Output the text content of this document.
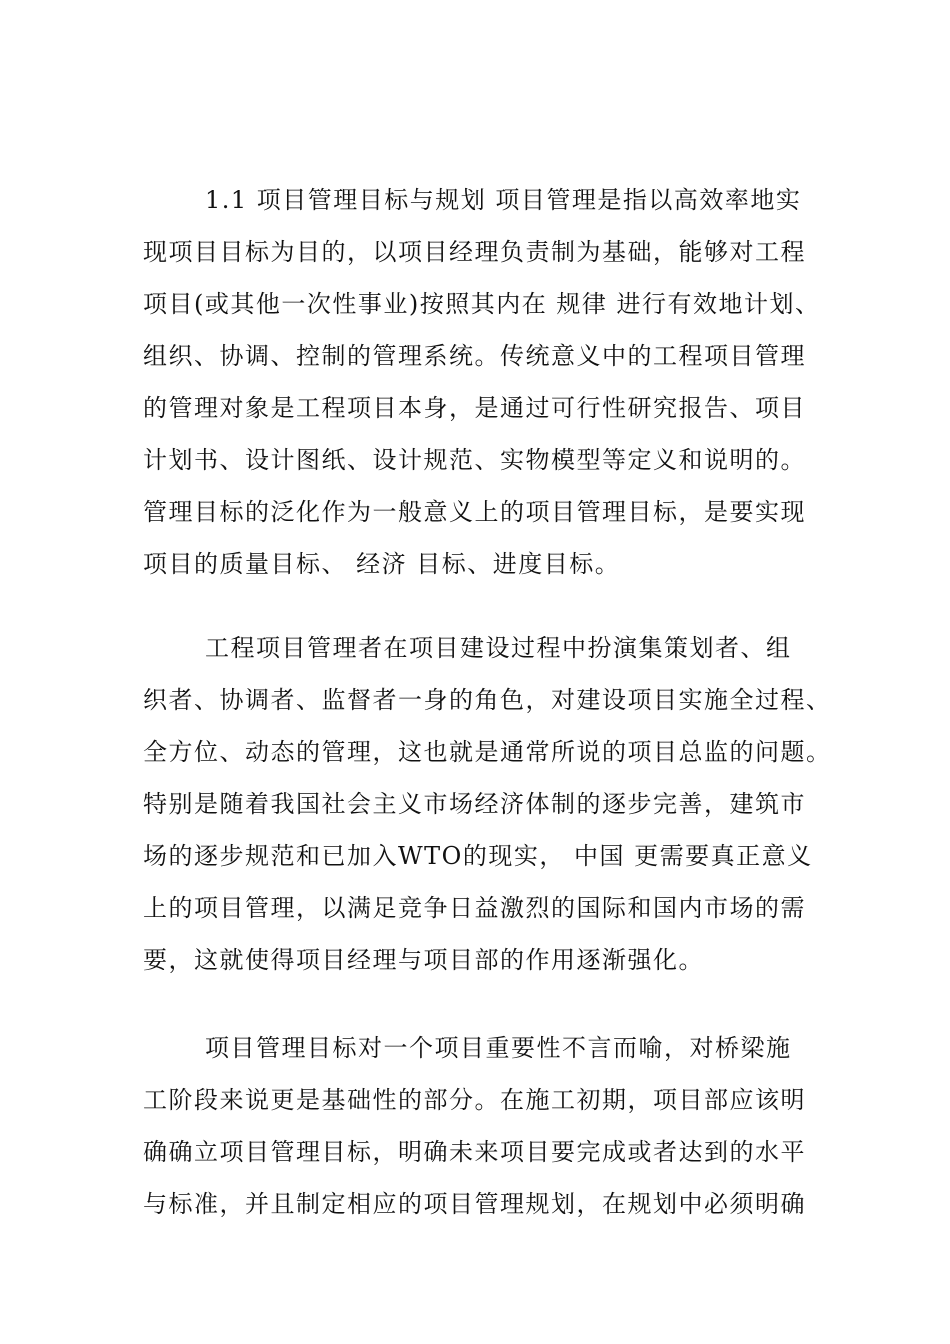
1.1 项目管理目标与规划 项目管理是指以高效率地实
现项目目标为目的，以项目经理负责制为基础，能够对工程
项目(或其他一次性事业)按照其内在 规律 进行有效地计划、
组织、协调、控制的管理系统。传统意义中的工程项目管理
的管理对象是工程项目本身，是通过可行性研究报告、项目
计划书、设计图纸、设计规范、实物模型等定义和说明的。
管理目标的泛化作为一般意义上的项目管理目标，是要实现
项目的质量目标、 经济 目标、进度目标。
工程项目管理者在项目建设过程中扮演集策划者、组
织者、协调者、监督者一身的角色，对建设项目实施全过程、
全方位、动态的管理，这也就是通常所说的项目总监的问题。
特别是随着我国社会主义市场经济体制的逐步完善，建筑市
场的逐步规范和已加入WTO的现实， 中国 更需要真正意义
上的项目管理，以满足竞争日益激烈的国际和国内市场的需
要，这就使得项目经理与项目部的作用逐渐强化。
项目管理目标对一个项目重要性不言而喻，对桥梁施
工阶段来说更是基础性的部分。在施工初期，项目部应该明
确确立项目管理目标，明确未来项目要完成或者达到的水平
与标准，并且制定相应的项目管理规划，在规划中必须明确
